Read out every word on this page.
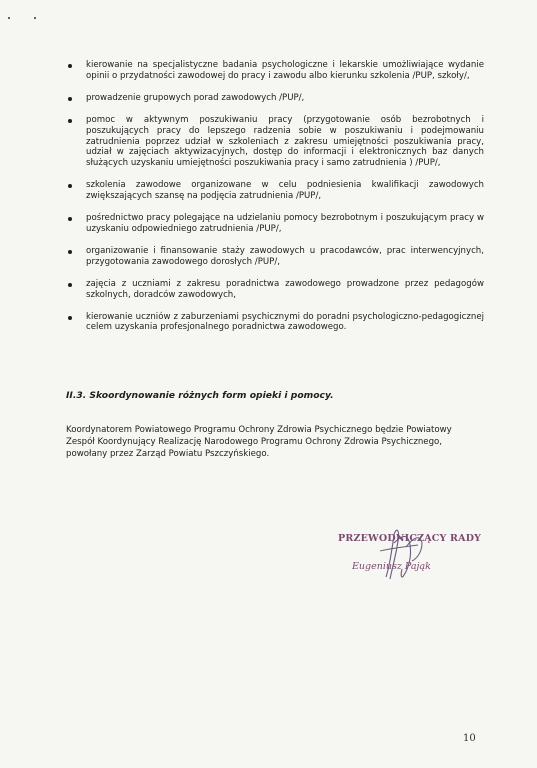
kierowanie na specjalistyczne badania psychologiczne i lekarskie umożliwiające wydanie opinii o przydatności zawodowej do pracy i zawodu albo kierunku szkolenia /PUP, szkoły/,
prowadzenie grupowych porad zawodowych /PUP/,
pomoc w aktywnym poszukiwaniu pracy (przygotowanie osób bezrobotnych i poszukujących pracy do lepszego radzenia sobie w poszukiwaniu i podejmowaniu zatrudnienia poprzez udział w szkoleniach z zakresu umiejętności poszukiwania pracy, udział w zajęciach aktywizacyjnych, dostęp do informacji i elektronicznych baz danych służących uzyskaniu umiejętności poszukiwania pracy i samo zatrudnienia ) /PUP/,
szkolenia zawodowe organizowane w celu podniesienia kwalifikacji zawodowych zwiększających szansę na podjęcia zatrudnienia /PUP/,
pośrednictwo pracy polegające na udzielaniu pomocy bezrobotnym i poszukującym pracy w uzyskaniu odpowiedniego zatrudnienia /PUP/,
organizowanie i finansowanie staży zawodowych u pracodawców, prac interwencyjnych, przygotowania zawodowego dorosłych /PUP/,
zajęcia z uczniami z zakresu poradnictwa zawodowego prowadzone przez pedagogów szkolnych, doradców zawodowych,
kierowanie uczniów z zaburzeniami psychicznymi do poradni psychologiczno-pedagogicznej celem uzyskania profesjonalnego poradnictwa zawodowego.
II.3. Skoordynowanie różnych form opieki i pomocy.
Koordynatorem Powiatowego Programu Ochrony Zdrowia Psychicznego będzie Powiatowy Zespół Koordynujący Realizację Narodowego Programu Ochrony Zdrowia Psychicznego, powołany przez Zarząd Powiatu Pszczyńskiego.
PRZEWODNICZĄCY RADY
Eugeniusz Pająk
10
